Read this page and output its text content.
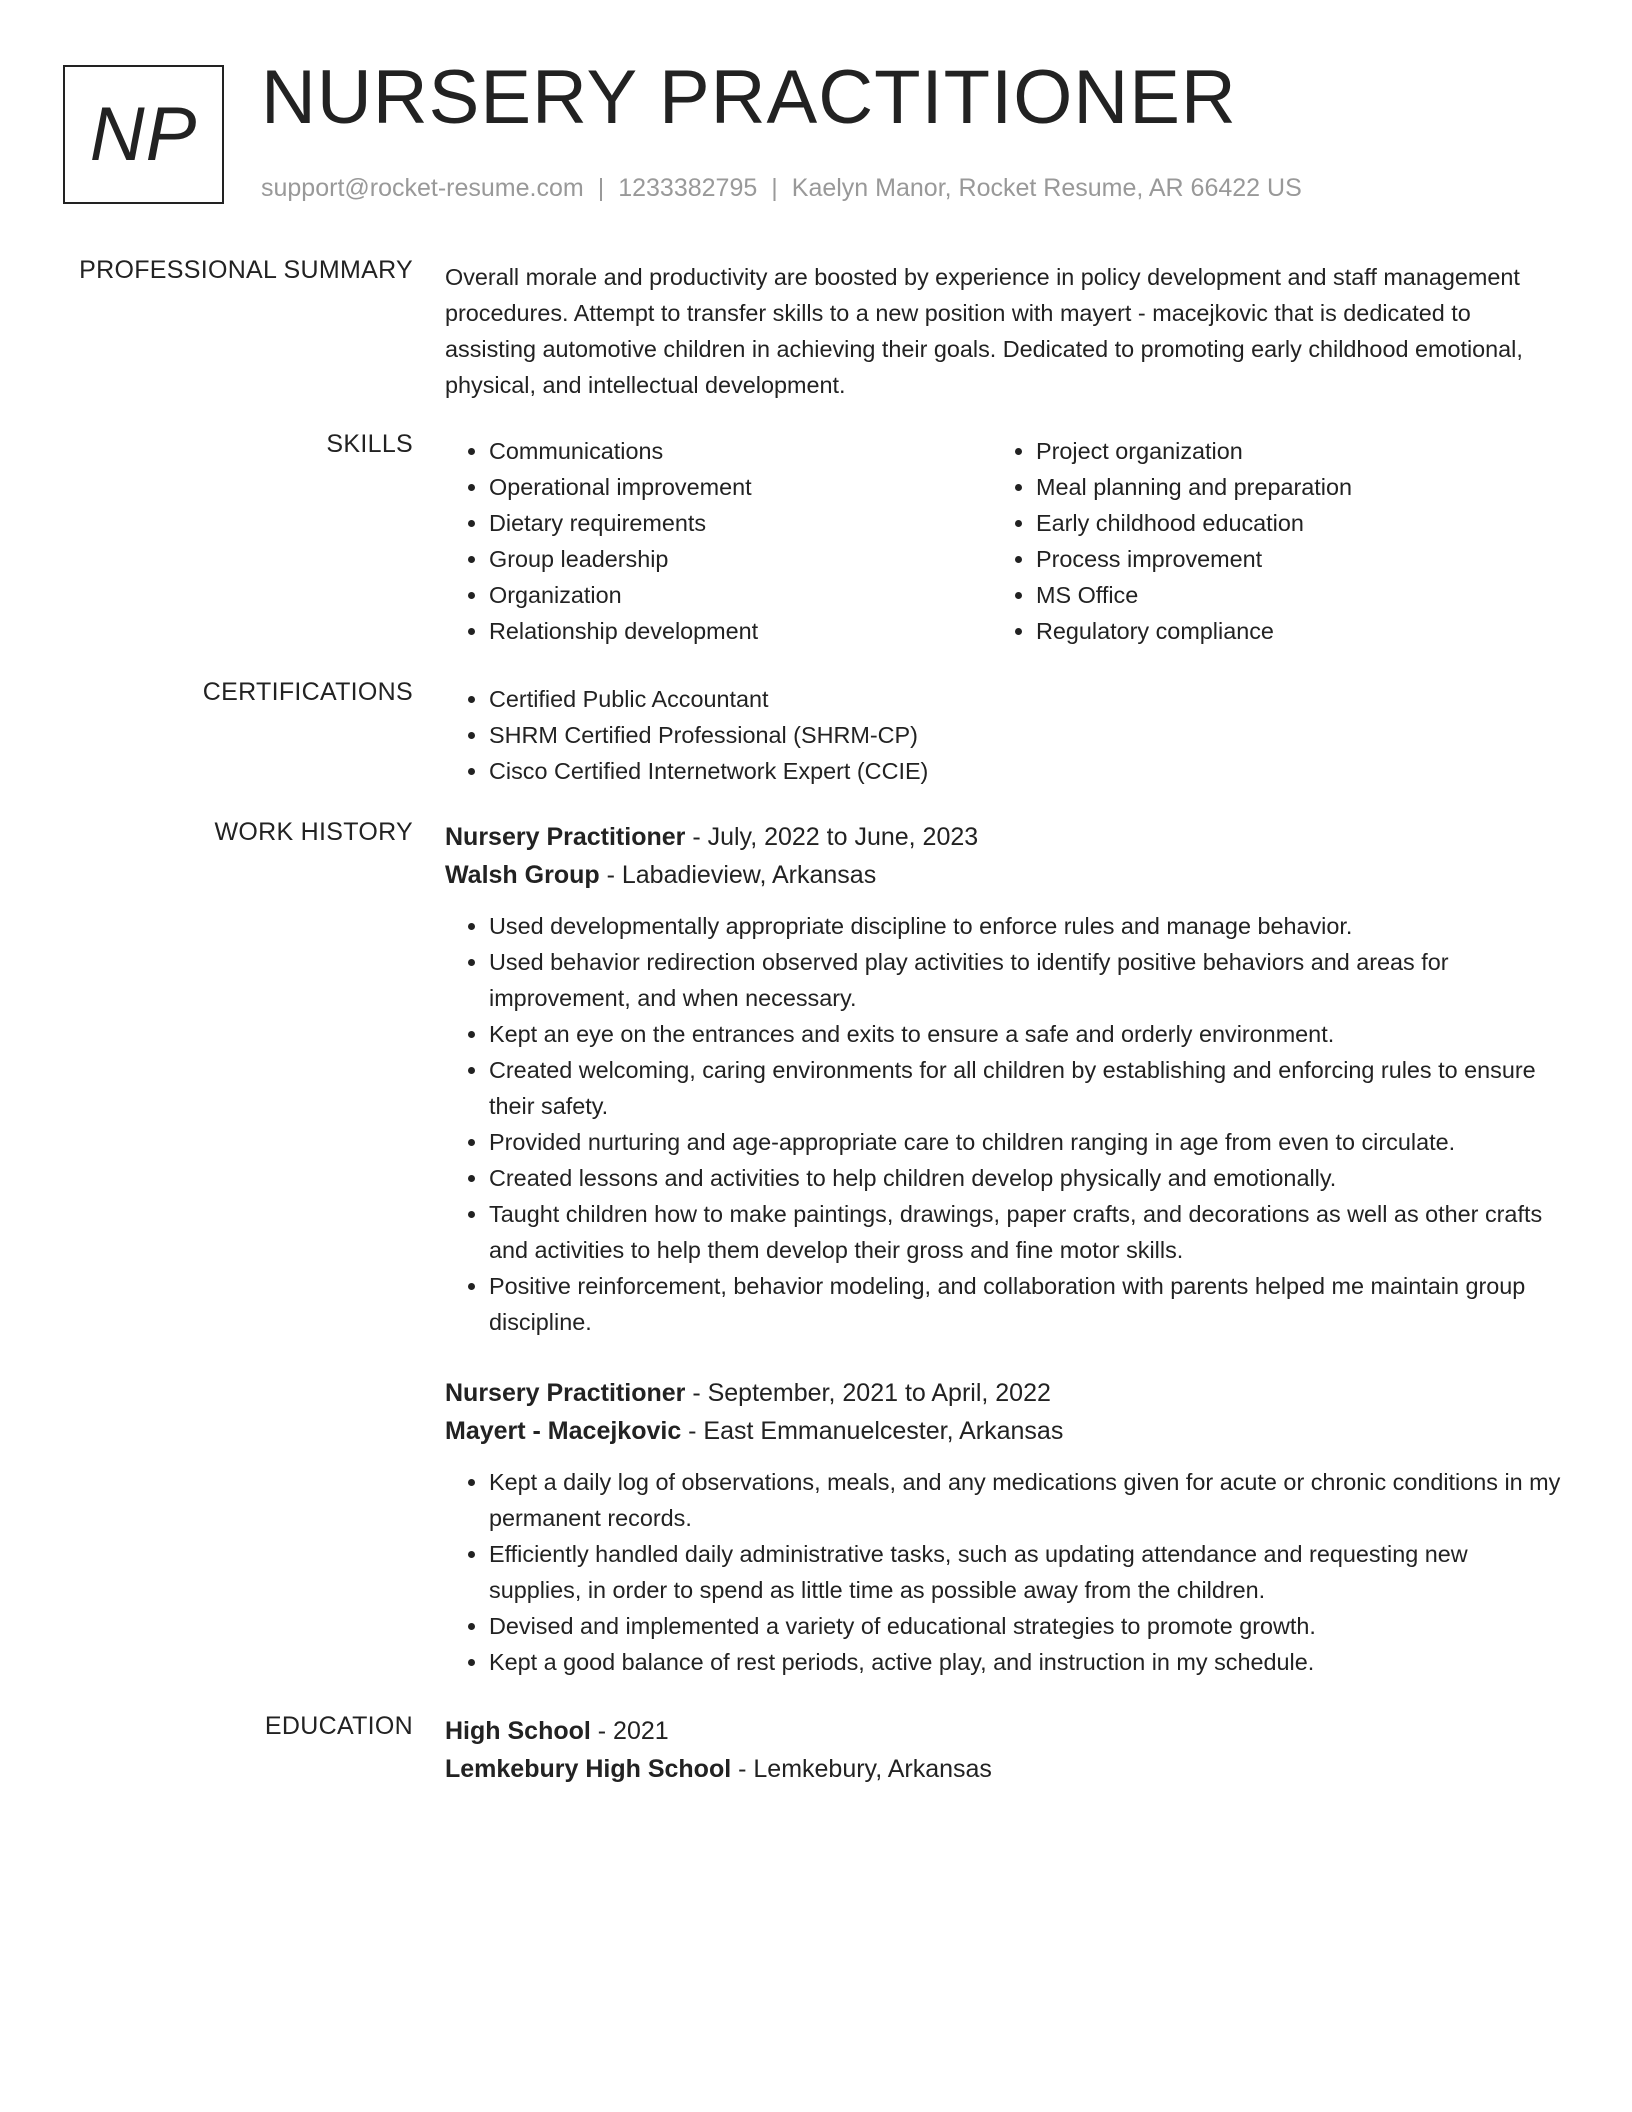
NP NURSERY PRACTITIONER
support@rocket-resume.com | 1233382795 | Kaelyn Manor, Rocket Resume, AR 66422 US
PROFESSIONAL SUMMARY Overall morale and productivity are boosted by experience in policy development and staff management procedures. Attempt to transfer skills to a new position with mayert - macejkovic that is dedicated to assisting automotive children in achieving their goals. Dedicated to promoting early childhood emotional, physical, and intellectual development.

SKILLS	• Communications
• Operational improvement
• Dietary requirements
• Group leadership
• Organization
• Relationship development
• Project organization
• Meal planning and preparation
• Early childhood education
• Process improvement
• MS Office
• Regulatory compliance
CERTIFICATIONS	• Certified Public Accountant
• SHRM Certified Professional (SHRM-CP)
• Cisco Certified Internetwork Expert (CCIE)
WORK HISTORY Nursery Practitioner - July, 2022 to June, 2023
Walsh Group - Labadieview, Arkansas
• Used developmentally appropriate discipline to enforce rules and manage behavior.
• Used behavior redirection observed play activities to identify positive behaviors and areas for improvement, and when necessary.
• Kept an eye on the entrances and exits to ensure a safe and orderly environment.
• Created welcoming, caring environments for all children by establishing and enforcing rules to ensure their safety.
• Provided nurturing and age-appropriate care to children ranging in age from even to circulate.
• Created lessons and activities to help children develop physically and emotionally.
• Taught children how to make paintings, drawings, paper crafts, and decorations as well as other crafts and activities to help them develop their gross and fine motor skills.
• Positive reinforcement, behavior modeling, and collaboration with parents helped me maintain group discipline.
Nursery Practitioner - September, 2021 to April, 2022
Mayert - Macejkovic - East Emmanuelcester, Arkansas
• Kept a daily log of observations, meals, and any medications given for acute or chronic conditions in my permanent records.
• Efficiently handled daily administrative tasks, such as updating attendance and requesting new supplies, in order to spend as little time as possible away from the children.
• Devised and implemented a variety of educational strategies to promote growth.
• Kept a good balance of rest periods, active play, and instruction in my schedule.
EDUCATION High School - 2021
Lemkebury High School - Lemkebury, Arkansas
